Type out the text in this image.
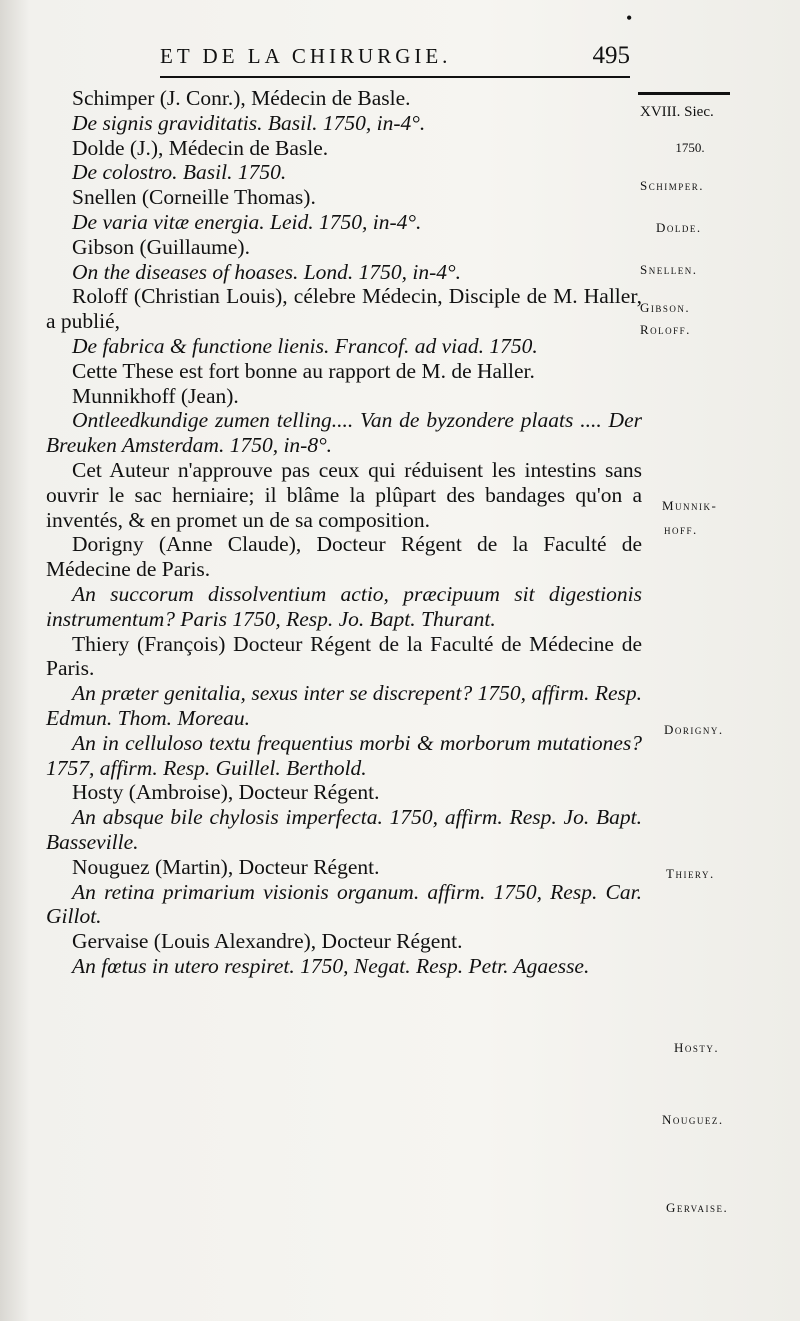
ET DE LA CHIRURGIE.	495

Schimper (J. Conr.), Médecin de Basle.

De signis graviditatis. Basil. 1750, in-4°.

Dolde (J.), Médecin de Basle.

De colostro. Basil. 1750.

Snellen (Corneille Thomas).

De varia vitæ energia. Leid. 1750, in-4°.

Gibson (Guillaume).

On the diseases of hoases. Lond. 1750, in-4°.

Roloff (Christian Louis), célebre Médecin, Disciple de M. Haller, a publié,

De fabrica & functione lienis. Francof. ad viad. 1750.

Cette These est fort bonne au rapport de M. de Haller.

Munnikhoff (Jean).

Ontleedkundige zumen telling.... Van de byzondere plaats .... Der Breuken Amsterdam. 1750, in-8°.

Cet Auteur n'approuve pas ceux qui réduisent les intestins sans ouvrir le sac herniaire; il blâme la plûpart des bandages qu'on a inventés, & en promet un de sa composition.

Dorigny (Anne Claude), Docteur Régent de la Faculté de Médecine de Paris.

An succorum dissolventium actio, præcipuum sit digestionis instrumentum? Paris 1750, Resp. Jo. Bapt. Thurant.

Thiery (François) Docteur Régent de la Faculté de Médecine de Paris.

An præter genitalia, sexus inter se discrepent? 1750, affirm. Resp. Edmun. Thom. Moreau.

An in celluloso textu frequentius morbi & morborum mutationes? 1757, affirm. Resp. Guillel. Berthold.

Hosty (Ambroise), Docteur Régent.

An absque bile chylosis imperfecta. 1750, affirm. Resp. Jo. Bapt. Basseville.

Nouguez (Martin), Docteur Régent.

An retina primarium visionis organum. affirm. 1750, Resp. Car. Gillot.

Gervaise (Louis Alexandre), Docteur Régent.

An fœtus in utero respiret. 1750, Negat. Resp. Petr. Agaesse.

XVIII. Siec.
1750.
Schimper.
Dolde.
Snellen.
Gibson.
Roloff.
Munnik-
hoff.
Dorigny.
Thiery.
Hosty.
Nouguez.
Gervaise.
•
